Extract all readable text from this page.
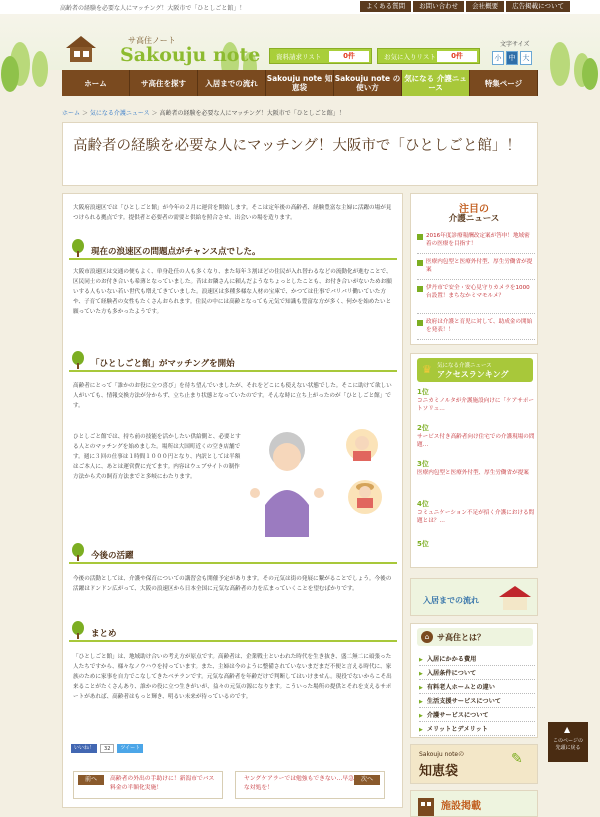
高齢者の経験を必要な人にマッチング！大阪市で「ひとしごと館」！	よくある質問	お問い合わせ	会社概要	広告掲載について
サ高住ノート
Sakouju note	資料請求リスト	0件	お気に入りリスト	0件
文字サイズ
小	中	大
ホーム	サ高住を探す	入居までの流れ	Sakouju note 知恵袋
Sakouju note の使い方
気になる 介護ニュース	特集ページ
ホーム ＞ 気になる介護ニュース ＞ 高齢者の経験を必要な人にマッチング！大阪市で「ひとしごと館」！
高齢者の経験を必要な人にマッチング！大阪市で「ひとしごと館」！
大阪府浪速区では「ひとしごと館」が今年の２月に運営を開始します。そこは定年後の高齢者、経験豊富な主婦に活躍の場が見つけられる拠点です。提供者と必要者の需要と供給を照合させ、出会いの場を造ります。
現在の浪速区の問題点がチャンス点でした。
大阪市浪速区は交通の便もよく、単身赴任の人も多くなり、また毎年３割ほどの住民が入れ替わるなどの流動化が進むことで、区民同士のお付き合いも希薄となっていました。昔はお隣さんに頼んだようなちょっとしたことも、お付き合いがないためお願いする人もいない若い世代も増えてきていました。浪速区は多種多様な人材の宝庫で、かつては仕事でバリバリ働いていた方や、子育て経験者の女性もたくさんおられます。住民の中には高齢となっても元気で知識も豊富な方が多く、何かを始めたいと願っていた方も多かったようです。
「ひとしごと館」がマッチングを開始
高齢者にとって「誰かのお役に立つ喜び」を待ち望んでいましたが、それをどこにも使えない状態でした。そこに助けて欲しい人がいても、情報交換方法が分からず、立ち止まり状態となっていたのです。そんな時に立ち上がったのが「ひとしごと館」です。
ひとしごと館では、持ち前の技能を活かしたい供給側と、必要とする人とのマッチングを始めました。場所は大国町近くの空き店舗です。週に３回の仕事は１時間１０００円となり、内訳としては半額はご本人に、あとは運営費に充てます。内容はウェブサイトの制作方法から犬の飼育方法までと多岐にわたります。
今後の活躍
今後の活動としては、介護や保育についての講習会も開催予定があります。その元気は街の発展に繋がることでしょう。今後の活躍はドンドン広がって、大阪の浪速区から日本全国に元気な高齢者の力を広まっていくことを望むばかりです。
まとめ
「ひとしごと館」は、地域助け合いの考え方が原点です。高齢者は、企業戦士といわれた時代を生き抜き、盛二無二に頑張った人たちですから、様々なノウハウを持っています。また、主婦は今のように整備されていないまだまだ不便と言える時代に、家族のために家事を自力でこなしてきたベテランです。元気な高齢者を年齢だけで判断してはいけません。現役でないからこそ出来ることがたくさんあり、誰かの役に立つ生きがいが、益々の元気の源になります。こういった場所の提供とそれを支えるサポートがあれば、高齢者はもっと輝き、明るい未来が待っているのです。
いいね！	32	ツイート
前へ	高齢者の外出の手助けに！新潟市でバス料金の半額化実施！
ヤングケアラーでは勉強もできない…早急な対処を！
次へ
注目の
介護ニュース
2016年度診療報酬改定案が答申！地域密着の医療を目指す！
医療内包型と医療外付型、厚生労働省が提案
伊丹市で安全・安心見守りカメラを1000台設置！まちなかミマモルメ？
政府は介護と育児に対して、助成金の開始を発表！！
気になる介護ニュース
アクセスランキング
♛
1位
コニカミノルタが介護施設向けに「ケアサポートソリュ…
2位
サービス付き高齢者向け住宅での介護現場の問題…
3位
医療内包型と医療外付型、厚生労働省が提案
4位
コミュニケーション不足が招く介護における問題とは？…
5位

入居までの流れ
⌂ サ高住とは？
▶ 入居にかかる費用
▶ 入居条件について
▶ 有料老人ホームとの違い
▶ 生活支援サービスについて
▶ 介護サービスについて
▶ メリットとデメリット
Sakouju noteの
知恵袋
✎
施設掲載
▲
このページの
先頭に戻る
